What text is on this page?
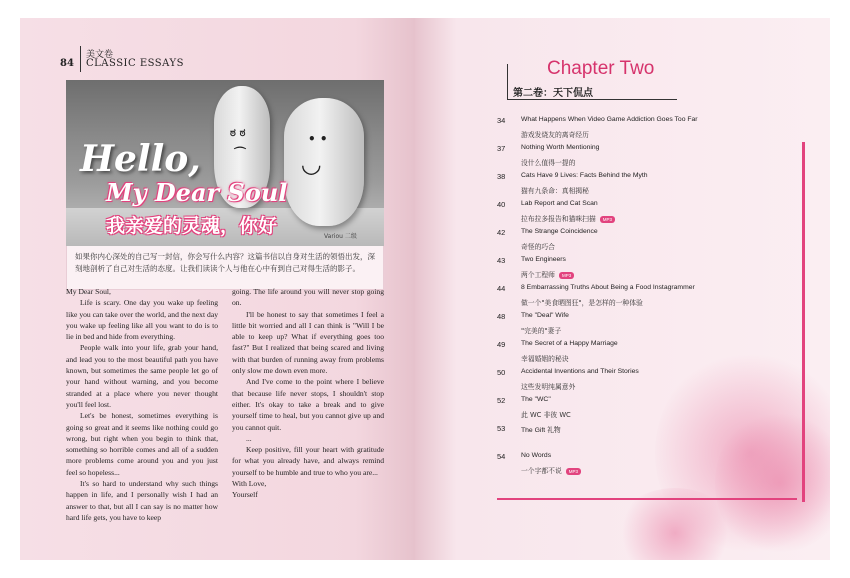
84
美文卷
CLASSIC ESSAYS
ಠ ಠ
⌒
• •
◡
Hello,
My Dear Soul
我亲爱的灵魂，你好	Variou 二级
如果你内心深处的自己写一封信，你会写什么内容？这篇书信以自身对生活的领悟出发，深刻地剖析了自己对生活的态度。让我们读读个人与他在心中有到自己对得生活的影子。

My Dear Soul,

Life is scary. One day you wake up feeling like you can take over the world, and the next day you wake up feeling like all you want to do is to lie in bed and hide from everything.

People walk into your life, grab your hand, and lead you to the most beautiful path you have known, but sometimes the same people let go of your hand without warning, and you become stranded at a place where you never thought you'll feel lost.

Let's be honest, sometimes everything is going so great and it seems like nothing could go wrong, but right when you begin to think that, something so horrible comes and all of a sudden more problems come around you and you just feel so hopeless...

It's so hard to understand why such things happen in life, and I personally wish I had an answer to that, but all I can say is no matter how hard life gets, you have to keep

going. The life around you will never stop going on.

I'll be honest to say that sometimes I feel a little bit worried and all I can think is "Will I be able to keep up? What if everything goes too fast?" But I realized that being scared and living with that burden of running away from problems only slow me down even more.

And I've come to the point where I believe that because life never stops, I shouldn't stop either. It's okay to take a break and to give yourself time to heal, but you cannot give up and you cannot quit.

...

Keep positive, fill your heart with gratitude for what you already have, and always remind yourself to be humble and true to who you are...

With Love,

Yourself

Chapter Two
第二卷：天下侃点
34	What Happens When Video Game Addiction Goes Too Far
游戏发烧友的离奇经历
37	Nothing Worth Mentioning
没什么值得一提的
38	Cats Have 9 Lives: Facts Behind the Myth
猫有九条命：真相揭秘
40	Lab Report and Cat Scan
拉布拉多报告和猫咪扫描 MP3
42	The Strange Coincidence
奇怪的巧合
43	Two Engineers
两个工程师 MP3
44	8 Embarrassing Truths About Being a Food Instagrammer
做一个"美食晒图狂"，是怎样的一种体验
48	The "Deal" Wife
"完美的"妻子
49	The Secret of a Happy Marriage
幸福婚姻的秘诀
50	Accidental Inventions and Their Stories
这些发明纯属意外
52	The "WC"
此 WC 非彼 WC
53	The Gift 礼物
54	No Words
一个字都不说 MP3
